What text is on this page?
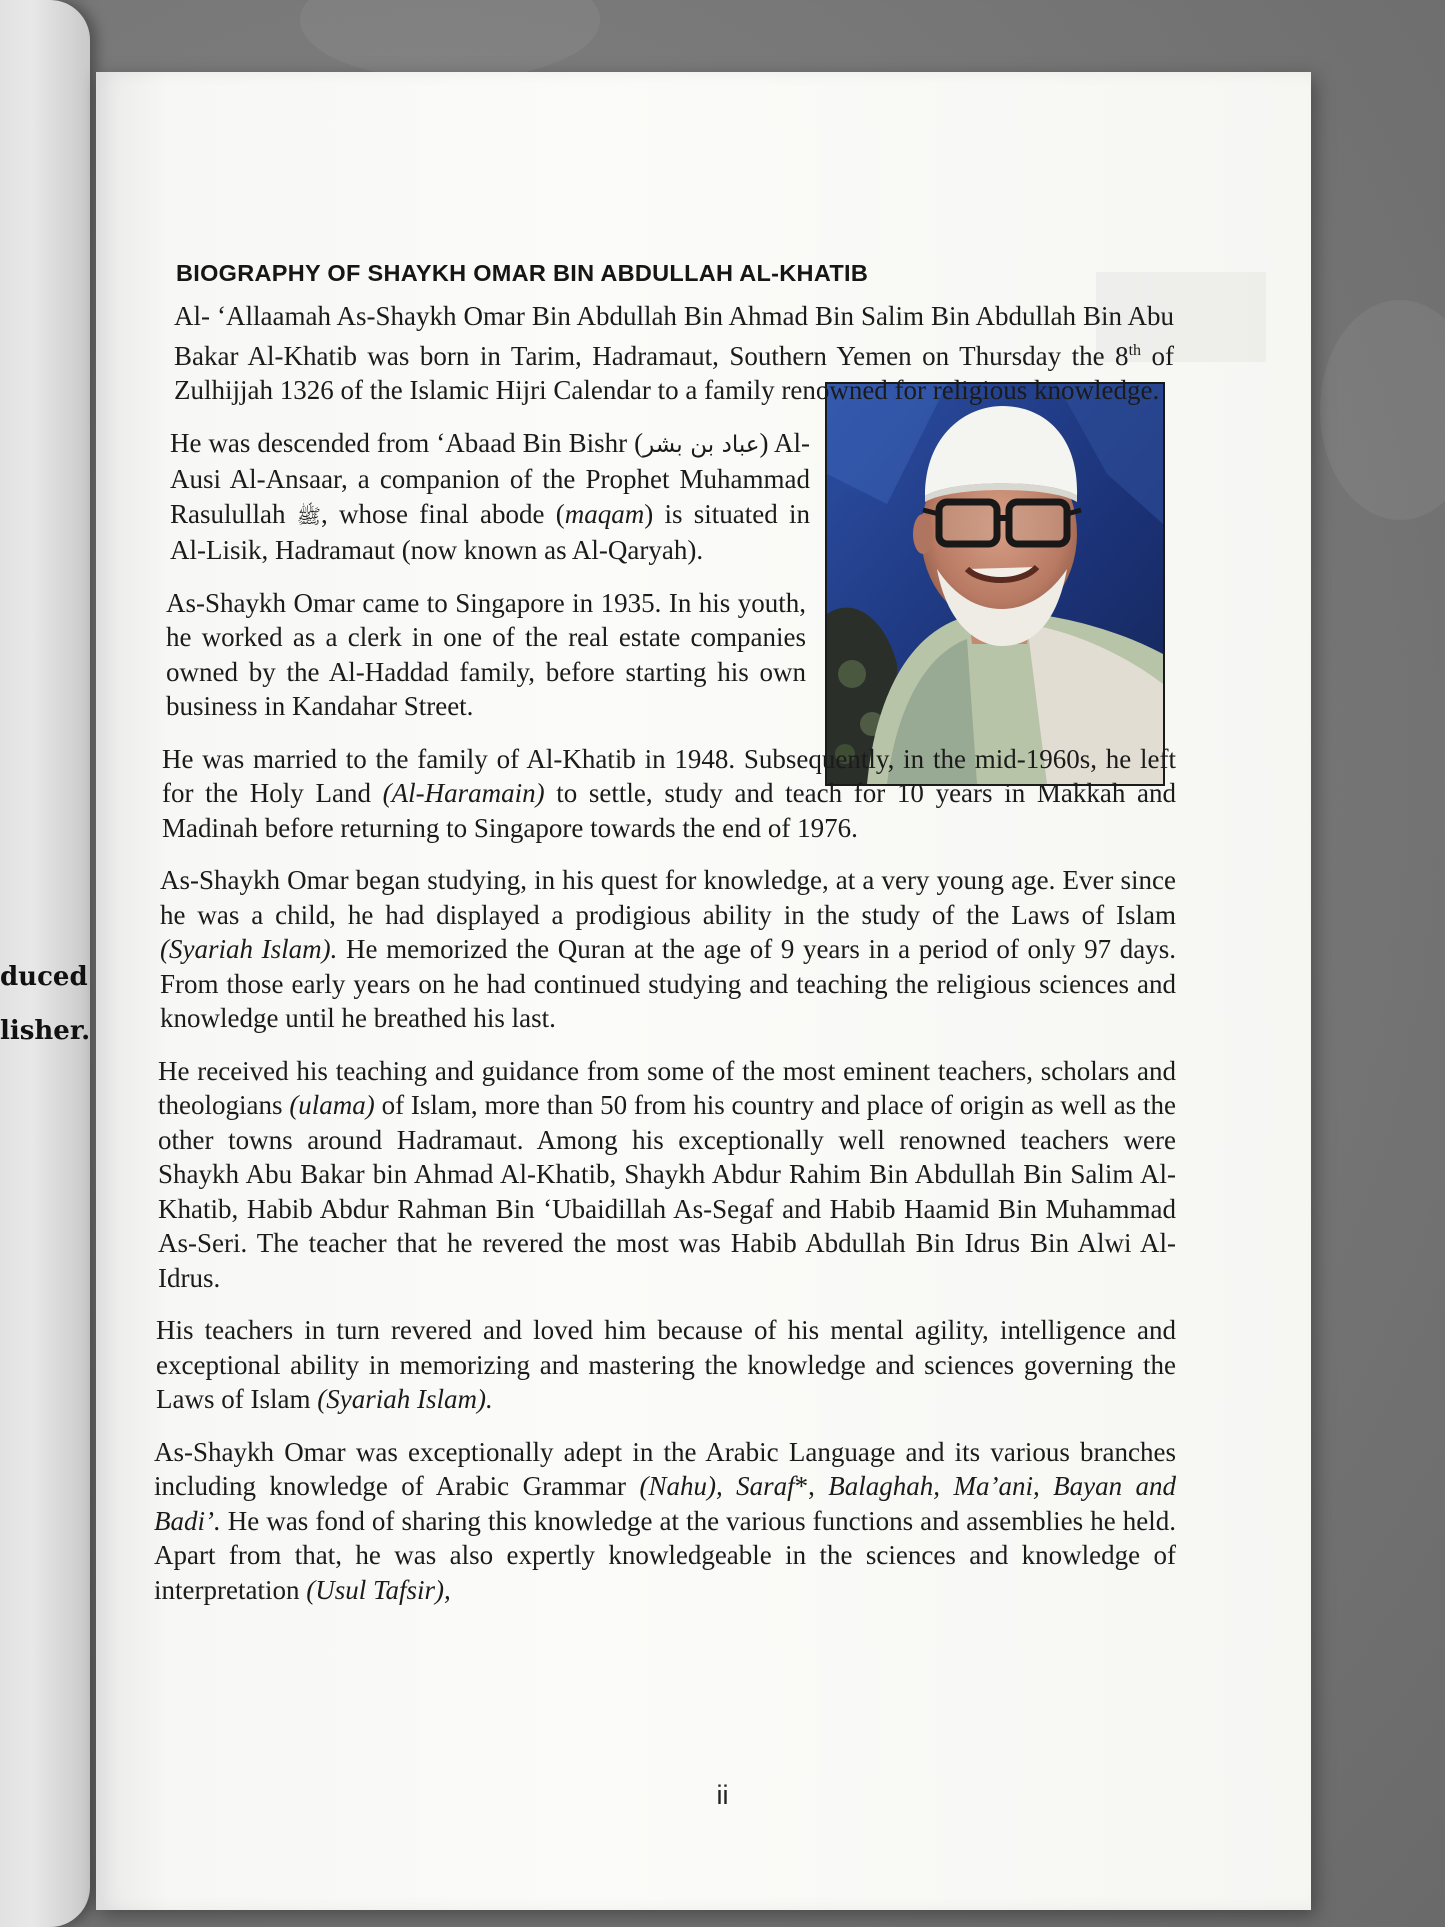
duced
lisher.
BIOGRAPHY OF SHAYKH OMAR BIN ABDULLAH AL-KHATIB

Al- ‘Allaamah As-Shaykh Omar Bin Abdullah Bin Ahmad Bin Salim Bin Abdullah Bin Abu Bakar Al-Khatib was born in Tarim, Hadramaut, Southern Yemen on Thursday the 8th of Zulhijjah 1326 of the Islamic Hijri Calendar to a family renowned for religious knowledge.

He was descended from ‘Abaad Bin Bishr (عباد بن بشر) Al-Ausi Al-Ansaar, a companion of the Prophet Muhammad Rasulullah ﷺ, whose final abode (maqam) is situated in Al-Lisik, Hadramaut (now known as Al-Qaryah).

As-Shaykh Omar came to Singapore in 1935. In his youth, he worked as a clerk in one of the real estate companies owned by the Al-Haddad family, before starting his own business in Kandahar Street.

He was married to the family of Al-Khatib in 1948. Subsequently, in the mid-1960s, he left for the Holy Land (Al-Haramain) to settle, study and teach for 10 years in Makkah and Madinah before returning to Singapore towards the end of 1976.

As-Shaykh Omar began studying, in his quest for knowledge, at a very young age. Ever since he was a child, he had displayed a prodigious ability in the study of the Laws of Islam (Syariah Islam). He memorized the Quran at the age of 9 years in a period of only 97 days. From those early years on he had continued studying and teaching the religious sciences and knowledge until he breathed his last.

He received his teaching and guidance from some of the most eminent teachers, scholars and theologians (ulama) of Islam, more than 50 from his country and place of origin as well as the other towns around Hadramaut. Among his exceptionally well renowned teachers were Shaykh Abu Bakar bin Ahmad Al-Khatib, Shaykh Abdur Rahim Bin Abdullah Bin Salim Al-Khatib, Habib Abdur Rahman Bin ‘Ubaidillah As-Segaf and Habib Haamid Bin Muhammad As-Seri. The teacher that he revered the most was Habib Abdullah Bin Idrus Bin Alwi Al-Idrus.

His teachers in turn revered and loved him because of his mental agility, intelligence and exceptional ability in memorizing and mastering the knowledge and sciences governing the Laws of Islam (Syariah Islam).

As-Shaykh Omar was exceptionally adept in the Arabic Language and its various branches including knowledge of Arabic Grammar (Nahu), Saraf*, Balaghah, Ma’ani, Bayan and Badi’. He was fond of sharing this knowledge at the various functions and assemblies he held. Apart from that, he was also expertly knowledgeable in the sciences and knowledge of interpretation (Usul Tafsir),

ii
